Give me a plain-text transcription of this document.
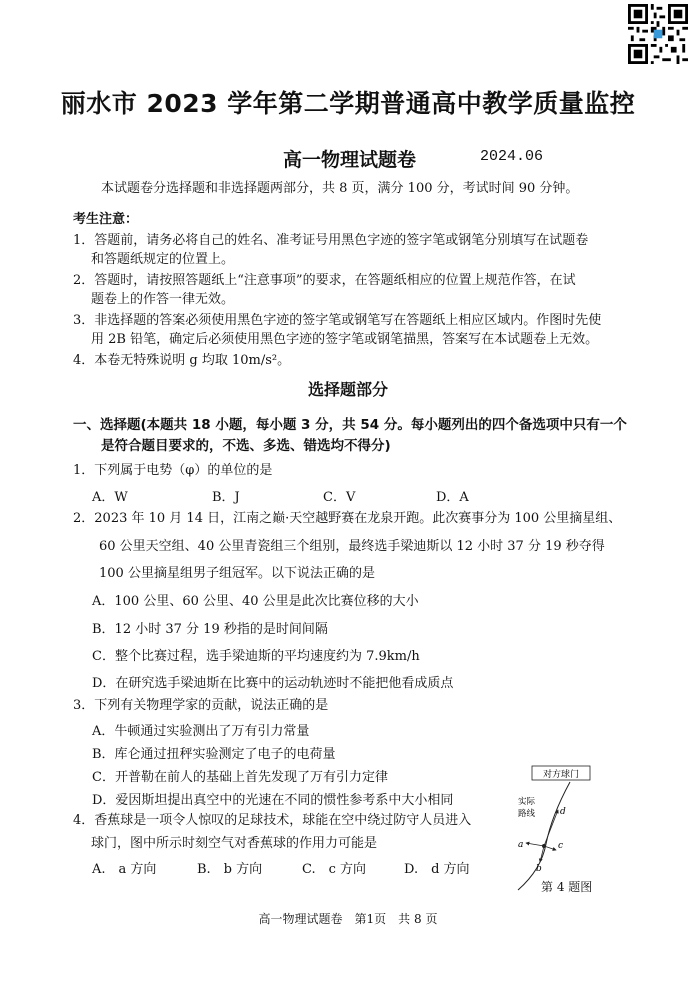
丽水市 2023 学年第二学期普通高中教学质量监控
高一物理试题卷	2024.06
本试题卷分选择题和非选择题两部分，共 8 页，满分 100 分，考试时间 90 分钟。
考生注意：
1．答题前，请务必将自己的姓名、准考证号用黑色字迹的签字笔或钢笔分别填写在试题卷
和答题纸规定的位置上。
2．答题时，请按照答题纸上“注意事项”的要求，在答题纸相应的位置上规范作答，在试
题卷上的作答一律无效。
3．非选择题的答案必须使用黑色字迹的签字笔或钢笔写在答题纸上相应区域内。作图时先使
用 2B 铅笔，确定后必须使用黑色字迹的签字笔或钢笔描黑，答案写在本试题卷上无效。
4．本卷无特殊说明 g 均取 10m/s²。
选择题部分
一、选择题(本题共 18 小题，每小题 3 分，共 54 分。每小题列出的四个备选项中只有一个
是符合题目要求的，不选、多选、错选均不得分)
1．下列属于电势（φ）的单位的是
A．W	B．J	C．V	D．A
2．2023 年 10 月 14 日，江南之巅·天空越野赛在龙泉开跑。此次赛事分为 100 公里摘星组、
60 公里天空组、40 公里青瓷组三个组别，最终选手梁迪斯以 12 小时 37 分 19 秒夺得
100 公里摘星组男子组冠军。以下说法正确的是
A．100 公里、60 公里、40 公里是此次比赛位移的大小
B．12 小时 37 分 19 秒指的是时间间隔
C．整个比赛过程，选手梁迪斯的平均速度约为 7.9km/h
D．在研究选手梁迪斯在比赛中的运动轨迹时不能把他看成质点
3．下列有关物理学家的贡献，说法正确的是
A．牛顿通过实验测出了万有引力常量
B．库仑通过扭秤实验测定了电子的电荷量
C．开普勒在前人的基础上首先发现了万有引力定律
D．爱因斯坦提出真空中的光速在不同的惯性参考系中大小相同
4．香蕉球是一项令人惊叹的足球技术，球能在空中绕过防守人员进入
球门，图中所示时刻空气对香蕉球的作用力可能是
A.　a 方向	B.　b 方向	C.　c 方向	D.　d 方向
对方球门
实际
路线
a
b
c
d
第 4 题图
高一物理试题卷　第1页　共 8 页
